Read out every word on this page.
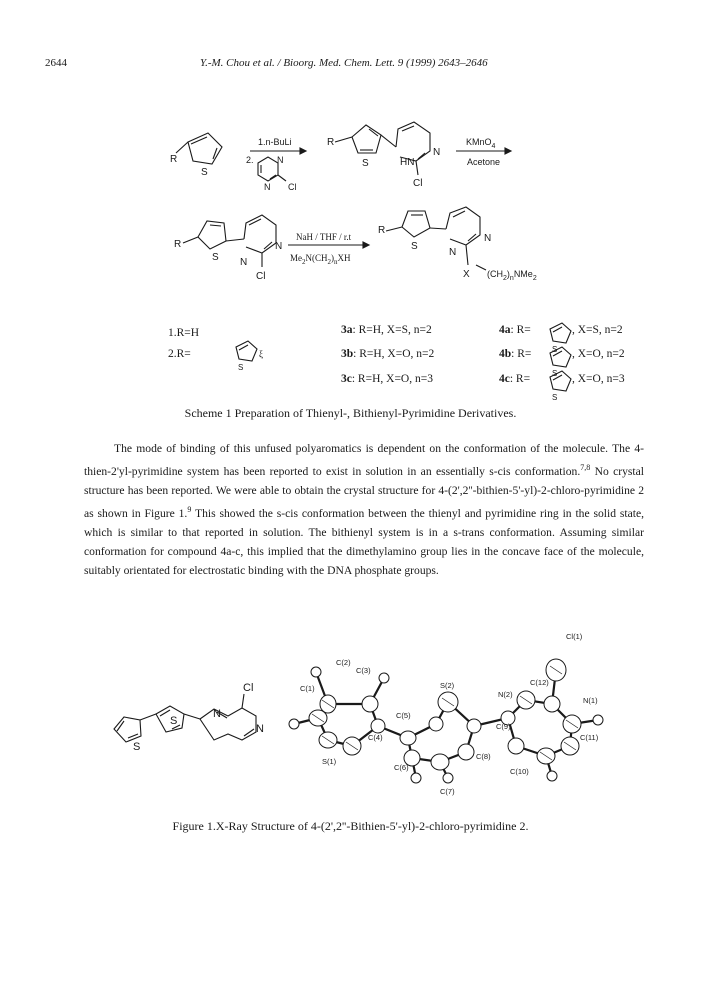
2644	Y.-M. Chou et al. / Bioorg. Med. Chem. Lett. 9 (1999) 2643–2646
R
S
N
N Cl
R
S
N
HN
Cl
R
S
N
N
Cl
R
S
N
N
X $(CH_2)_nNMe_2$
1.n-BuLi
2.
KMnO$_4$
Acetone
NaH / THF / r.t
$Me_2N(CH_2)_nXH$
S
S
S
S
1.R=H
2.R=	ξ
3a: R=H, X=S, n=2
3b: R=H, X=O, n=2
3c: R=H, X=O, n=3
4a: R=	, X=S, n=2
4b: R=	, X=O, n=2
4c: R=	, X=O, n=3
Scheme 1 Preparation of Thienyl-, Bithienyl-Pyrimidine Derivatives.
The mode of binding of this unfused polyaromatics is dependent on the conformation of the molecule. The 4-thien-2'yl-pyrimidine system has been reported to exist in solution in an essentially s-cis conformation.$^{7,8}$ No crystal structure has been reported. We were able to obtain the crystal structure for 4-(2',2''-bithien-5'-yl)-2-chloro-pyrimidine 2 as shown in Figure 1.$^9$ This showed the s-cis conformation between the thienyl and pyrimidine ring in the solid state, which is similar to that reported in solution. The bithienyl system is in a s-trans conformation. Assuming similar conformation for compound 4a-c, this implied that the dimethylamino group lies in the concave face of the molecule, suitably orientated for electrostatic binding with the DNA phosphate groups.
Cl
N
N
S
S
Cl(1)
C(2)
C(3)
C(1)	S(2)	C(12)
N(2)
N(1)
C(5)
C(9)
C(4)	C(11)
S(1)
C(8)
C(6)	C(10)
C(7)
Figure 1.X-Ray Structure of 4-(2',2''-Bithien-5'-yl)-2-chloro-pyrimidine 2.
